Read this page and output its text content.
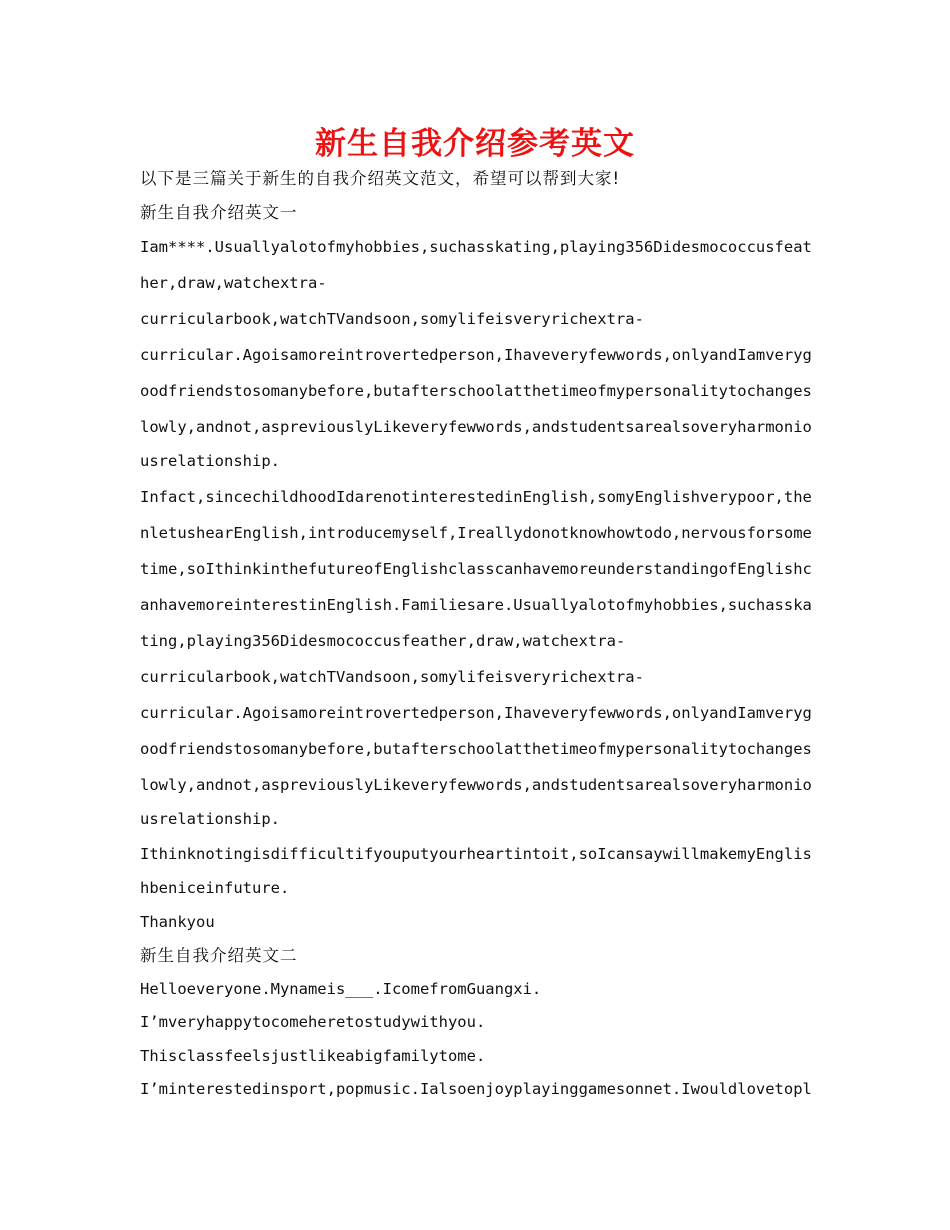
新生自我介绍参考英文
以下是三篇关于新生的自我介绍英文范文，希望可以帮到大家!
新生自我介绍英文一
Iam****.Usuallyalotofmyhobbies,suchasskating,playing356Didesmococcusfeat
her,draw,watchextra-
curricularbook,watchTVandsoon,somylifeisveryrichextra-
curricular.Agoisamoreintrovertedperson,Ihaveveryfewwords,onlyandIamveryg
oodfriendstosomanybefore,butafterschoolatthetimeofmypersonalitytochanges
lowly,andnot,aspreviouslyLikeveryfewwords,andstudentsarealsoveryharmonio
usrelationship.
Infact,sincechildhoodIdarenotinterestedinEnglish,somyEnglishverypoor,the
nletushearEnglish,introducemyself,Ireallydonotknowhowtodo,nervousforsome
time,soIthinkinthefutureofEnglishclasscanhavemoreunderstandingofEnglishc
anhavemoreinterestinEnglish.Familiesare.Usuallyalotofmyhobbies,suchasska
ting,playing356Didesmococcusfeather,draw,watchextra-
curricularbook,watchTVandsoon,somylifeisveryrichextra-
curricular.Agoisamoreintrovertedperson,Ihaveveryfewwords,onlyandIamveryg
oodfriendstosomanybefore,butafterschoolatthetimeofmypersonalitytochanges
lowly,andnot,aspreviouslyLikeveryfewwords,andstudentsarealsoveryharmonio
usrelationship.
Ithinknotingisdifficultifyouputyourheartintoit,soIcansaywillmakemyEnglis
hbeniceinfuture.
Thankyou
新生自我介绍英文二
Helloeveryone.Mynameis___.IcomefromGuangxi.
I’mveryhappytocomeheretostudywithyou.
Thisclassfeelsjustlikeabigfamilytome.
I’minterestedinsport,popmusic.Ialsoenjoyplayinggamesonnet.Iwouldlovetopl
